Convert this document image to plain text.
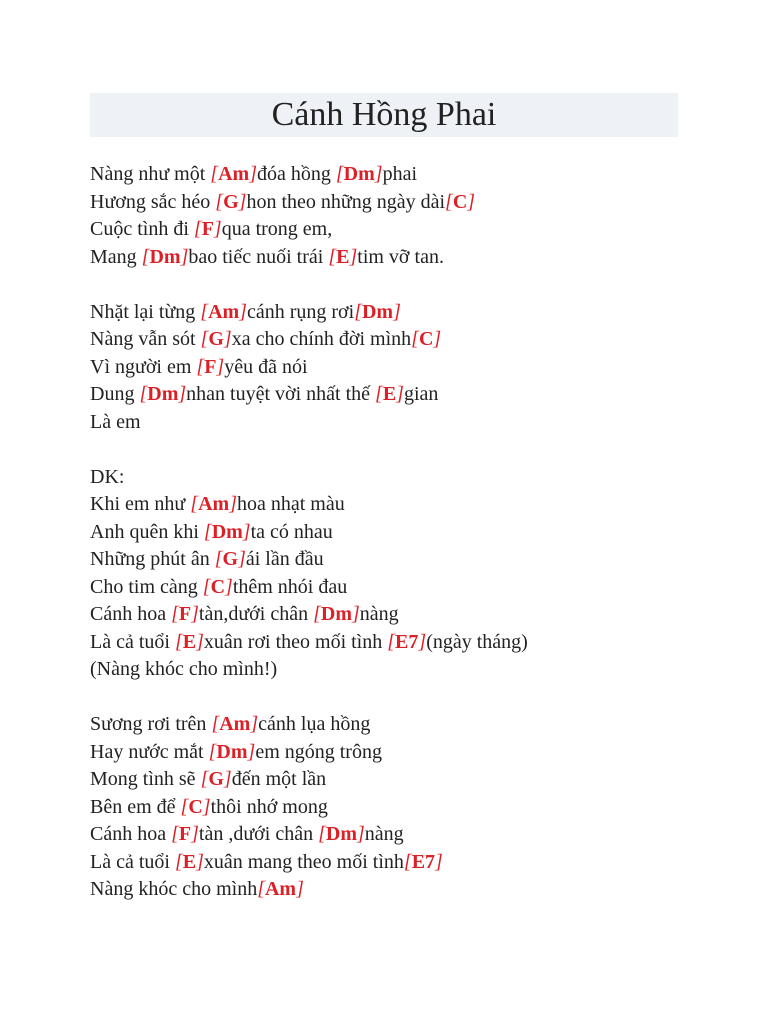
Cánh Hồng Phai
Nàng như một [Am]đóa hồng [Dm]phai
Hương sắc héo [G]hon theo những ngày dài[C]
Cuộc tình đi [F]qua trong em,
Mang [Dm]bao tiếc nuối trái [E]tim vỡ tan.
Nhặt lại từng [Am]cánh rụng rơi[Dm]
Nàng vẫn sót [G]xa cho chính đời mình[C]
Vì người em [F]yêu đã nói
Dung [Dm]nhan tuyệt vời nhất thế [E]gian
Là em
DK:
Khi em như [Am]hoa nhạt màu
Anh quên khi [Dm]ta có nhau
Những phút ân [G]ái lần đầu
Cho tim càng [C]thêm nhói đau
Cánh hoa [F]tàn,dưới chân [Dm]nàng
Là cả tuổi [E]xuân rơi theo mối tình [E7](ngày tháng)
(Nàng khóc cho mình!)
Sương rơi trên [Am]cánh lụa hồng
Hay nước mắt [Dm]em ngóng trông
Mong tình sẽ [G]đến một lần
Bên em để [C]thôi nhớ mong
Cánh hoa [F]tàn ,dưới chân [Dm]nàng
Là cả tuổi [E]xuân mang theo mối tình[E7]
Nàng khóc cho mình[Am]
